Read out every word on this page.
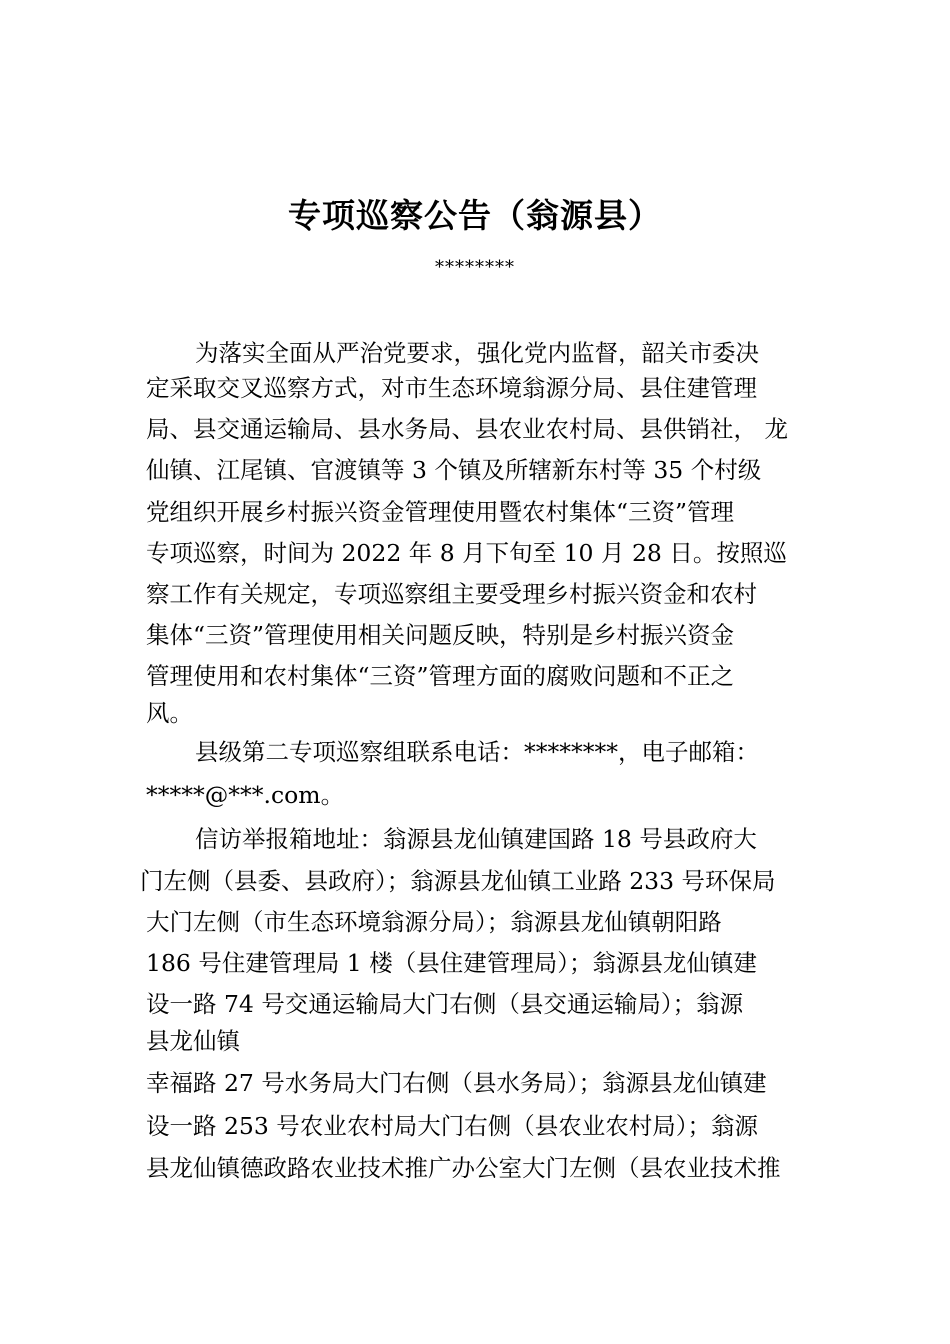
专项巡察公告（翁源县）
********
为落实全面从严治党要求，强化党内监督，韶关市委决
定采取交叉巡察方式，对市生态环境翁源分局、县住建管理
局、县交通运输局、县水务局、县农业农村局、县供销社， 龙
仙镇、江尾镇、官渡镇等 3 个镇及所辖新东村等 35 个村级
党组织开展乡村振兴资金管理使用暨农村集体“三资”管理
专项巡察，时间为 2022 年 8 月下旬至 10 月 28 日。按照巡
察工作有关规定，专项巡察组主要受理乡村振兴资金和农村
集体“三资”管理使用相关问题反映，特别是乡村振兴资金
管理使用和农村集体“三资”管理方面的腐败问题和不正之
风。
县级第二专项巡察组联系电话：********，电子邮箱：
*****@***.com。
信访举报箱地址：翁源县龙仙镇建国路 18 号县政府大
门左侧（县委、县政府）；翁源县龙仙镇工业路 233 号环保局
大门左侧（市生态环境翁源分局）；翁源县龙仙镇朝阳路
186 号住建管理局 1 楼（县住建管理局）；翁源县龙仙镇建
设一路 74 号交通运输局大门右侧（县交通运输局）；翁源
县龙仙镇
幸福路 27 号水务局大门右侧（县水务局）；翁源县龙仙镇建
设一路 253 号农业农村局大门右侧（县农业农村局）；翁源
县龙仙镇德政路农业技术推广办公室大门左侧（县农业技术推
